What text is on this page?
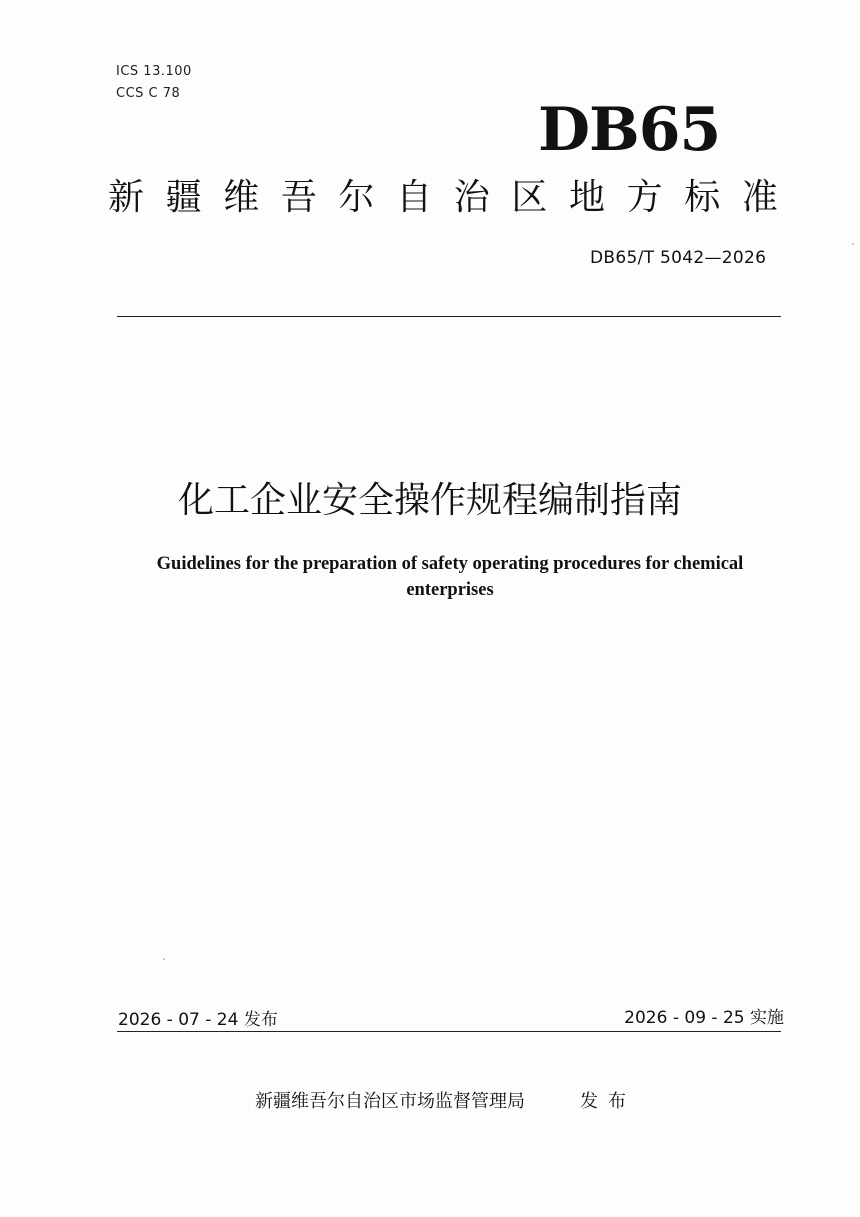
ICS 13.100
CCS C 78
DB65
新 疆 维 吾 尔 自 治 区 地 方 标 准
DB65/T 5042—2026
化工企业安全操作规程编制指南
Guidelines for the preparation of safety operating procedures for chemical enterprises
2026 - 07 - 24 发布	2026 - 09 - 25 实施
新疆维吾尔自治区市场监督管理局	发布
